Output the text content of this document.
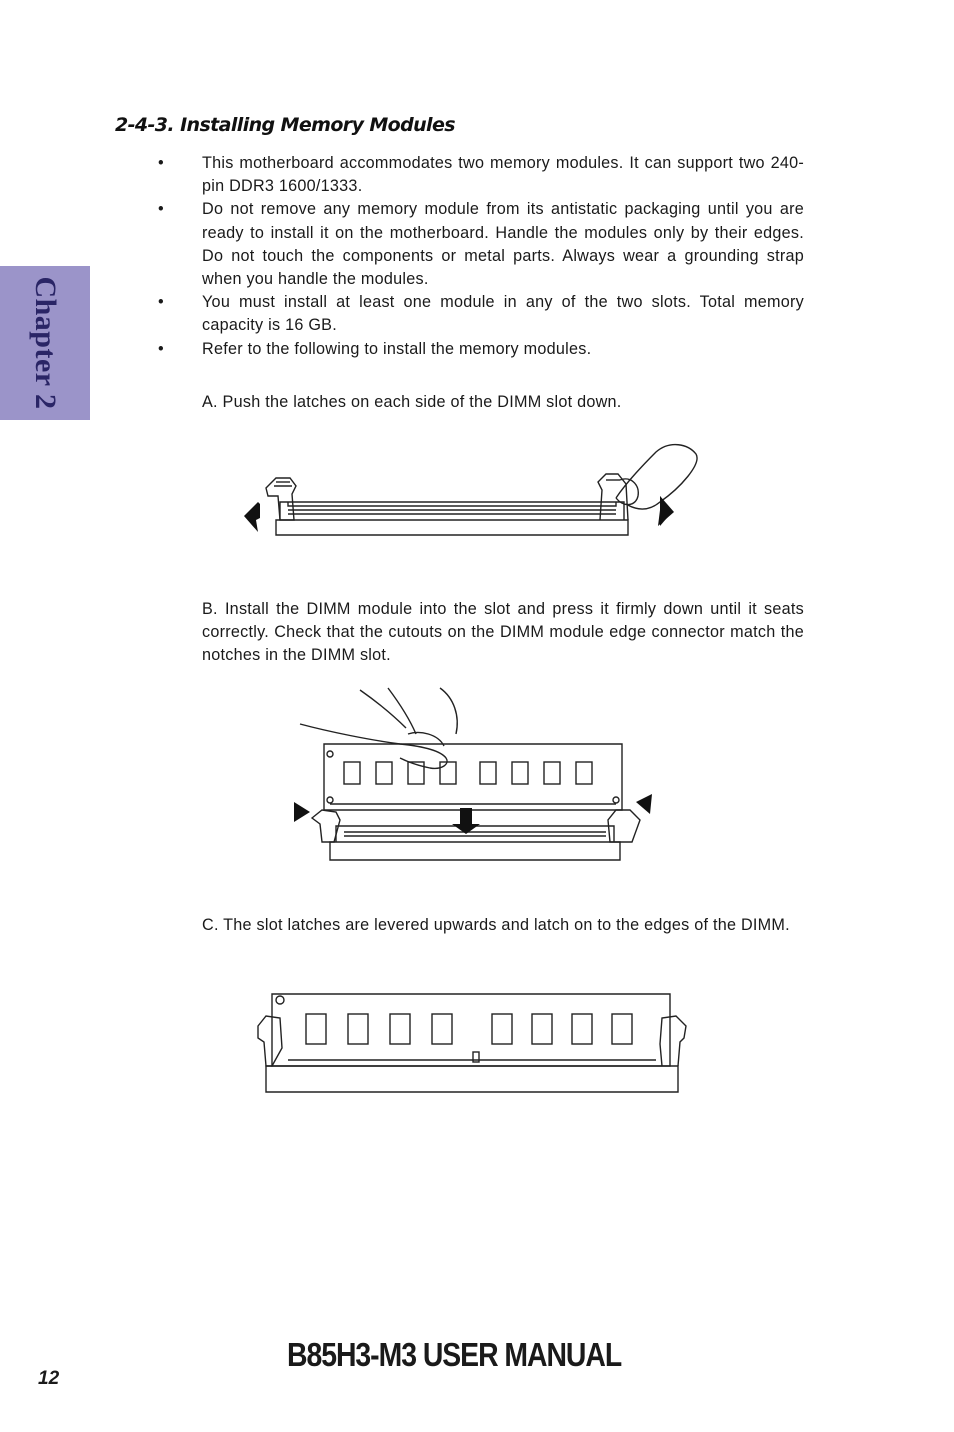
Chapter 2
2-4-3. Installing Memory Modules
• This motherboard accommodates two memory modules. It can support two 240-pin DDR3 1600/1333.
• Do not remove any memory module from its antistatic packaging until you are ready to install it on the motherboard. Handle the modules only by their edges. Do not touch the components or metal parts. Always wear a grounding strap when you handle the modules.
• You must install at least one module in any of the two slots. Total memory capacity is 16 GB.
• Refer to the following to install the memory modules.

A. Push the latches on each side of the DIMM slot down.

B. Install the DIMM module into the slot and press it firmly down until it seats correctly. Check that the cutouts on the DIMM module edge connector match the notches in the DIMM slot.

C. The slot latches are levered upwards and latch on to the edges of the DIMM.

B85H3-M3 USER MANUAL
12
